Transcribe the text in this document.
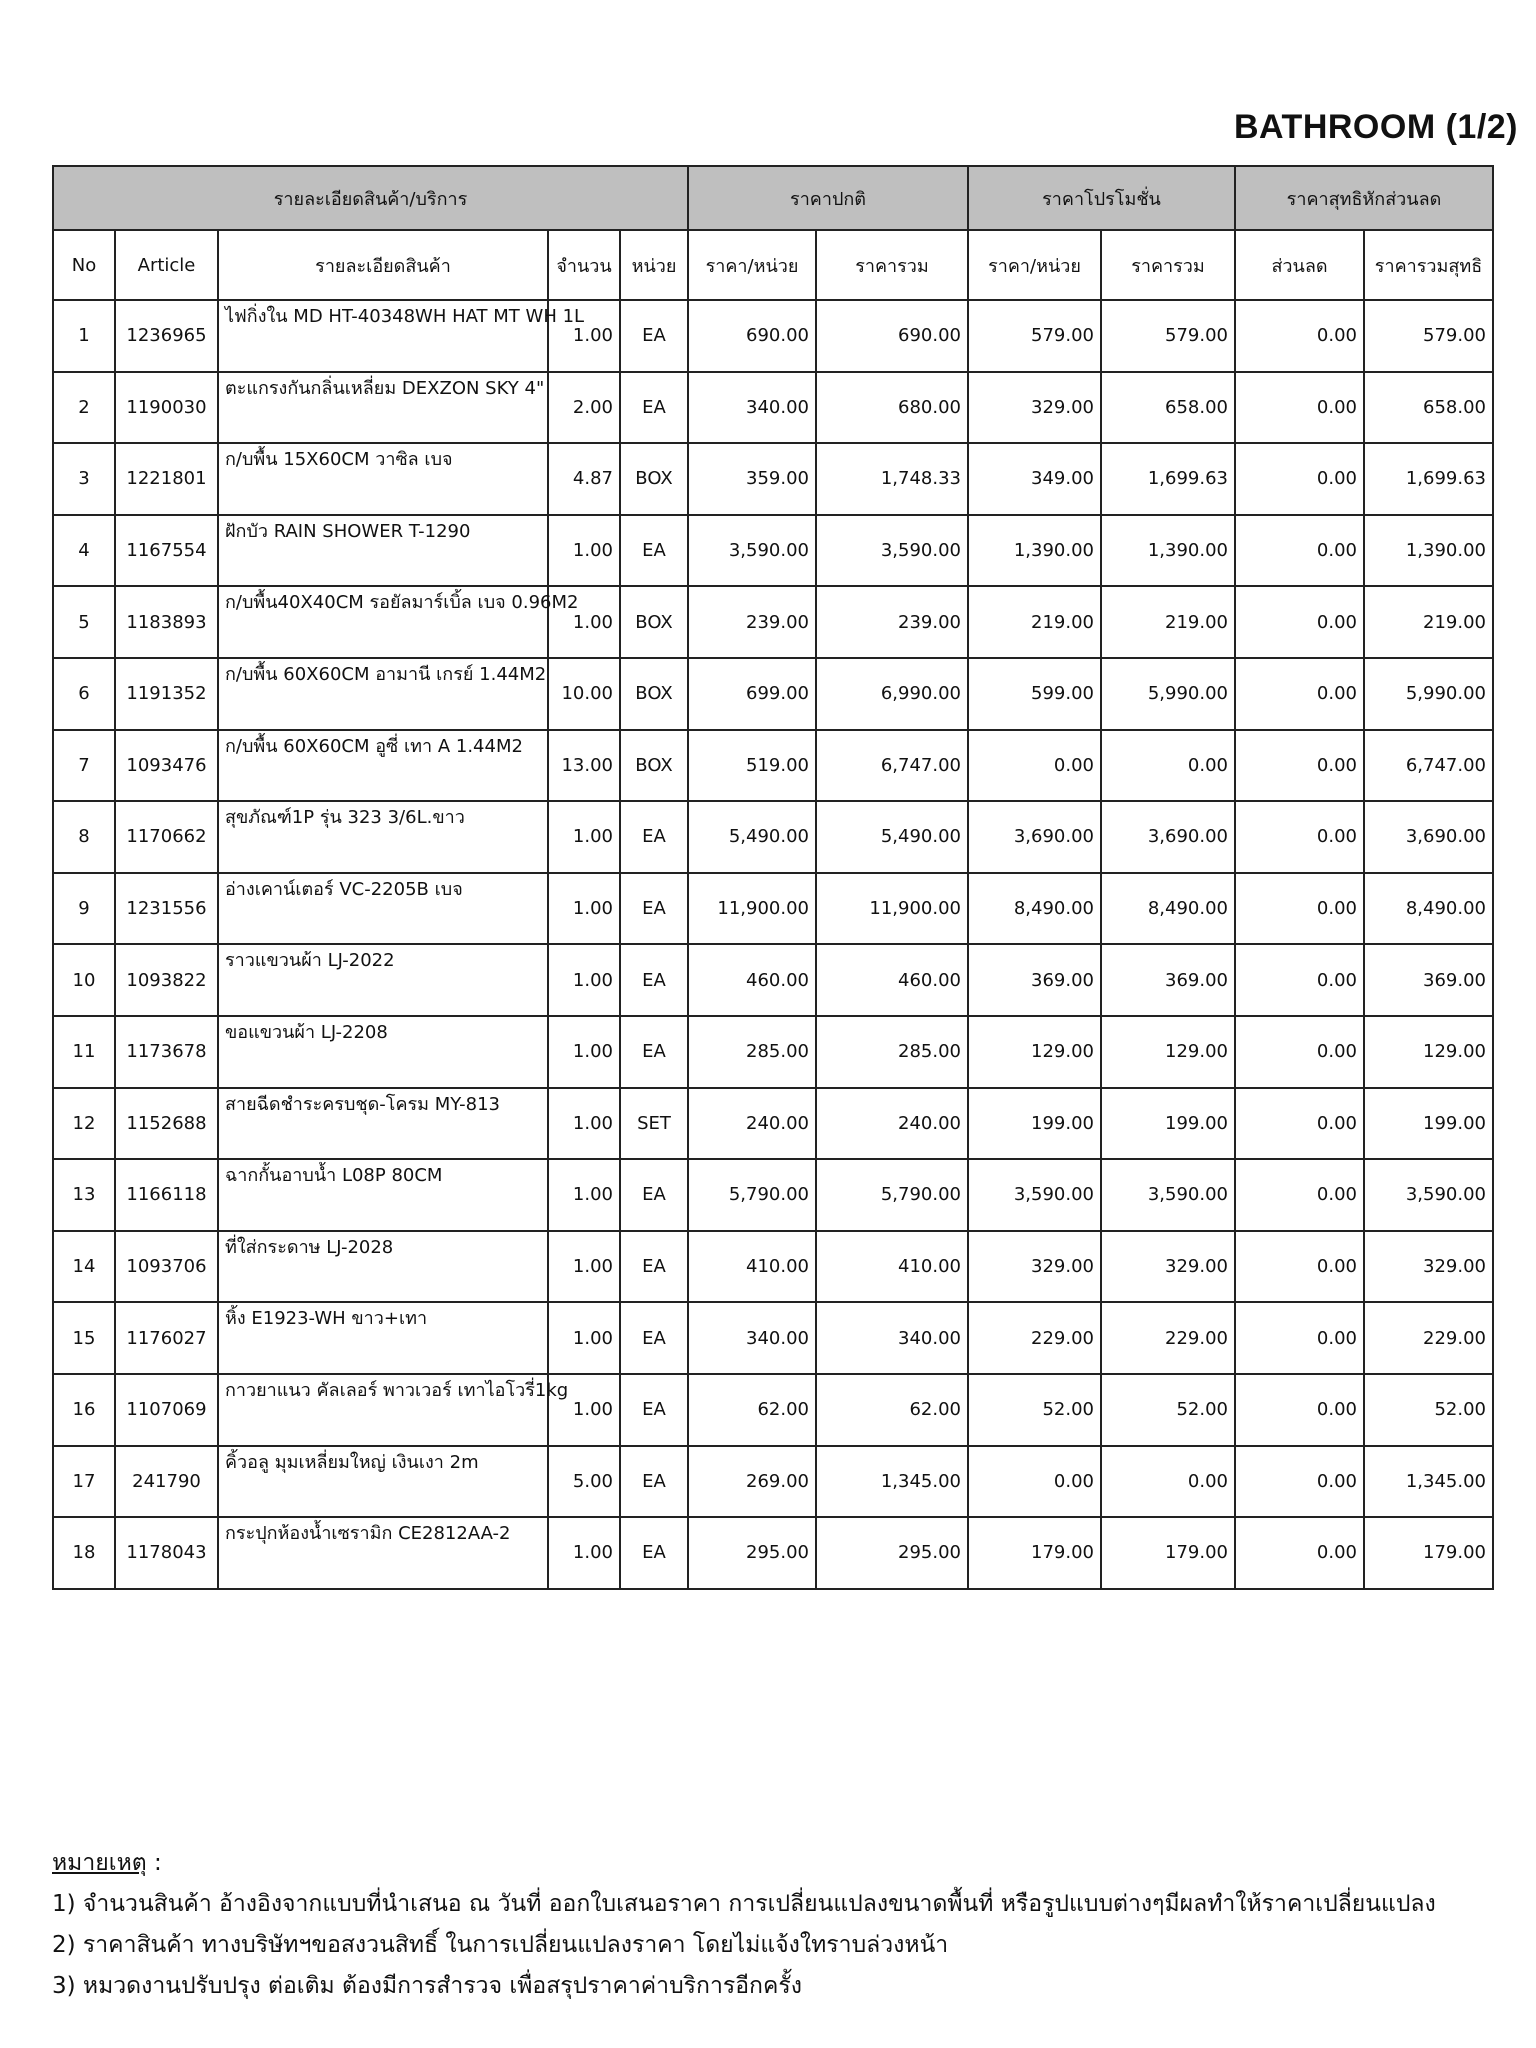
BATHROOM (1/2)
รายละเอียดสินค้า/บริการ					ราคาปกติ		ราคาโปรโมชั่น		ราคาสุทธิหักส่วนลด	
No	Article	รายละเอียดสินค้า	จำนวน	หน่วย	ราคา/หน่วย	ราคารวม	ราคา/หน่วย	ราคารวม	ส่วนลด	ราคารวมสุทธิ
1	1236965	ไฟกิ่งใน MD HT-40348WH HAT MT WH 1L	1.00	EA	690.00	690.00	579.00	579.00	0.00	579.00
2	1190030	ตะแกรงกันกลิ่นเหลี่ยม DEXZON SKY 4"	2.00	EA	340.00	680.00	329.00	658.00	0.00	658.00
3	1221801	ก/บพื้น 15X60CM วาซิล เบจ	4.87	BOX	359.00	1,748.33	349.00	1,699.63	0.00	1,699.63
4	1167554	ฝักบัว RAIN SHOWER T-1290	1.00	EA	3,590.00	3,590.00	1,390.00	1,390.00	0.00	1,390.00
5	1183893	ก/บพื้น40X40CM รอยัลมาร์เบิ้ล เบจ 0.96M2	1.00	BOX	239.00	239.00	219.00	219.00	0.00	219.00
6	1191352	ก/บพื้น 60X60CM อามานี เกรย์ 1.44M2	10.00	BOX	699.00	6,990.00	599.00	5,990.00	0.00	5,990.00
7	1093476	ก/บพื้น 60X60CM อูซี่ เทา A 1.44M2	13.00	BOX	519.00	6,747.00	0.00	0.00	0.00	6,747.00
8	1170662	สุขภัณฑ์1P รุ่น 323 3/6L.ขาว	1.00	EA	5,490.00	5,490.00	3,690.00	3,690.00	0.00	3,690.00
9	1231556	อ่างเคาน์เตอร์ VC-2205B เบจ	1.00	EA	11,900.00	11,900.00	8,490.00	8,490.00	0.00	8,490.00
10	1093822	ราวแขวนผ้า LJ-2022	1.00	EA	460.00	460.00	369.00	369.00	0.00	369.00
11	1173678	ขอแขวนผ้า LJ-2208	1.00	EA	285.00	285.00	129.00	129.00	0.00	129.00
12	1152688	สายฉีดชำระครบชุด-โครม MY-813	1.00	SET	240.00	240.00	199.00	199.00	0.00	199.00
13	1166118	ฉากกั้นอาบน้ำ L08P 80CM	1.00	EA	5,790.00	5,790.00	3,590.00	3,590.00	0.00	3,590.00
14	1093706	ที่ใส่กระดาษ LJ-2028	1.00	EA	410.00	410.00	329.00	329.00	0.00	329.00
15	1176027	หิ้ง E1923-WH ขาว+เทา	1.00	EA	340.00	340.00	229.00	229.00	0.00	229.00
16	1107069	กาวยาแนว คัลเลอร์ พาวเวอร์ เทาไอโวรี่1kg	1.00	EA	62.00	62.00	52.00	52.00	0.00	52.00
17	241790	คิ้วอลู มุมเหลี่ยมใหญ่ เงินเงา 2m	5.00	EA	269.00	1,345.00	0.00	0.00	0.00	1,345.00
18	1178043	กระปุกห้องน้ำเซรามิก CE2812AA-2	1.00	EA	295.00	295.00	179.00	179.00	0.00	179.00
หมายเหตุ :
1) จำนวนสินค้า อ้างอิงจากแบบที่นำเสนอ ณ วันที่ ออกใบเสนอราคา การเปลี่ยนแปลงขนาดพื้นที่ หรือรูปแบบต่างๆมีผลทำให้ราคาเปลี่ยนแปลง
2) ราคาสินค้า ทางบริษัทฯขอสงวนสิทธิ์ ในการเปลี่ยนแปลงราคา โดยไม่แจ้งใทราบล่วงหน้า
3) หมวดงานปรับปรุง ต่อเติม ต้องมีการสำรวจ เพื่อสรุปราคาค่าบริการอีกครั้ง
